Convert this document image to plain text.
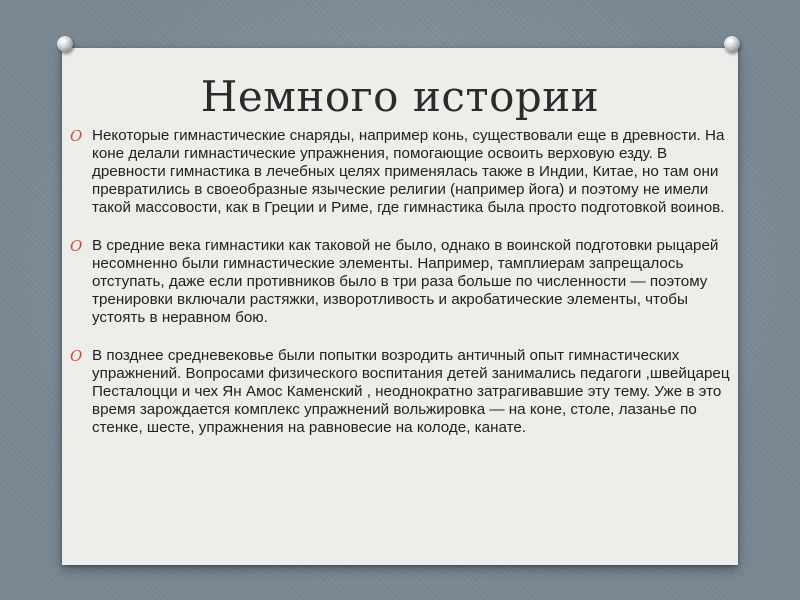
Немного истории
O Некоторые гимнастические снаряды, например конь, существовали еще в древности. На коне делали гимнастические упражнения, помогающие освоить верховую езду. В древности гимнастика в лечебных целях применялась также в Индии, Китае, но там они превратились в своеобразные языческие религии (например йога) и поэтому не имели такой массовости, как в Греции и Риме, где гимнастика была просто подготовкой воинов.
O В средние века гимнастики как таковой не было, однако в воинской подготовки рыцарей несомненно были гимнастические элементы. Например, тамплиерам запрещалось отступать, даже если противников было в три раза больше по численности — поэтому тренировки включали растяжки, изворотливость и акробатические элементы, чтобы устоять в неравном бою.
O В позднее средневековье были попытки возродить античный опыт гимнастических упражнений. Вопросами физического воспитания детей занимались педагоги ,швейцарец Песталоцци и чех Ян Амос Каменский , неоднократно затрагивавшие эту тему. Уже в это время зарождается комплекс упражнений вольжировка — на коне, столе, лазанье по стенке, шесте, упражнения на равновесие на колоде, канате.
